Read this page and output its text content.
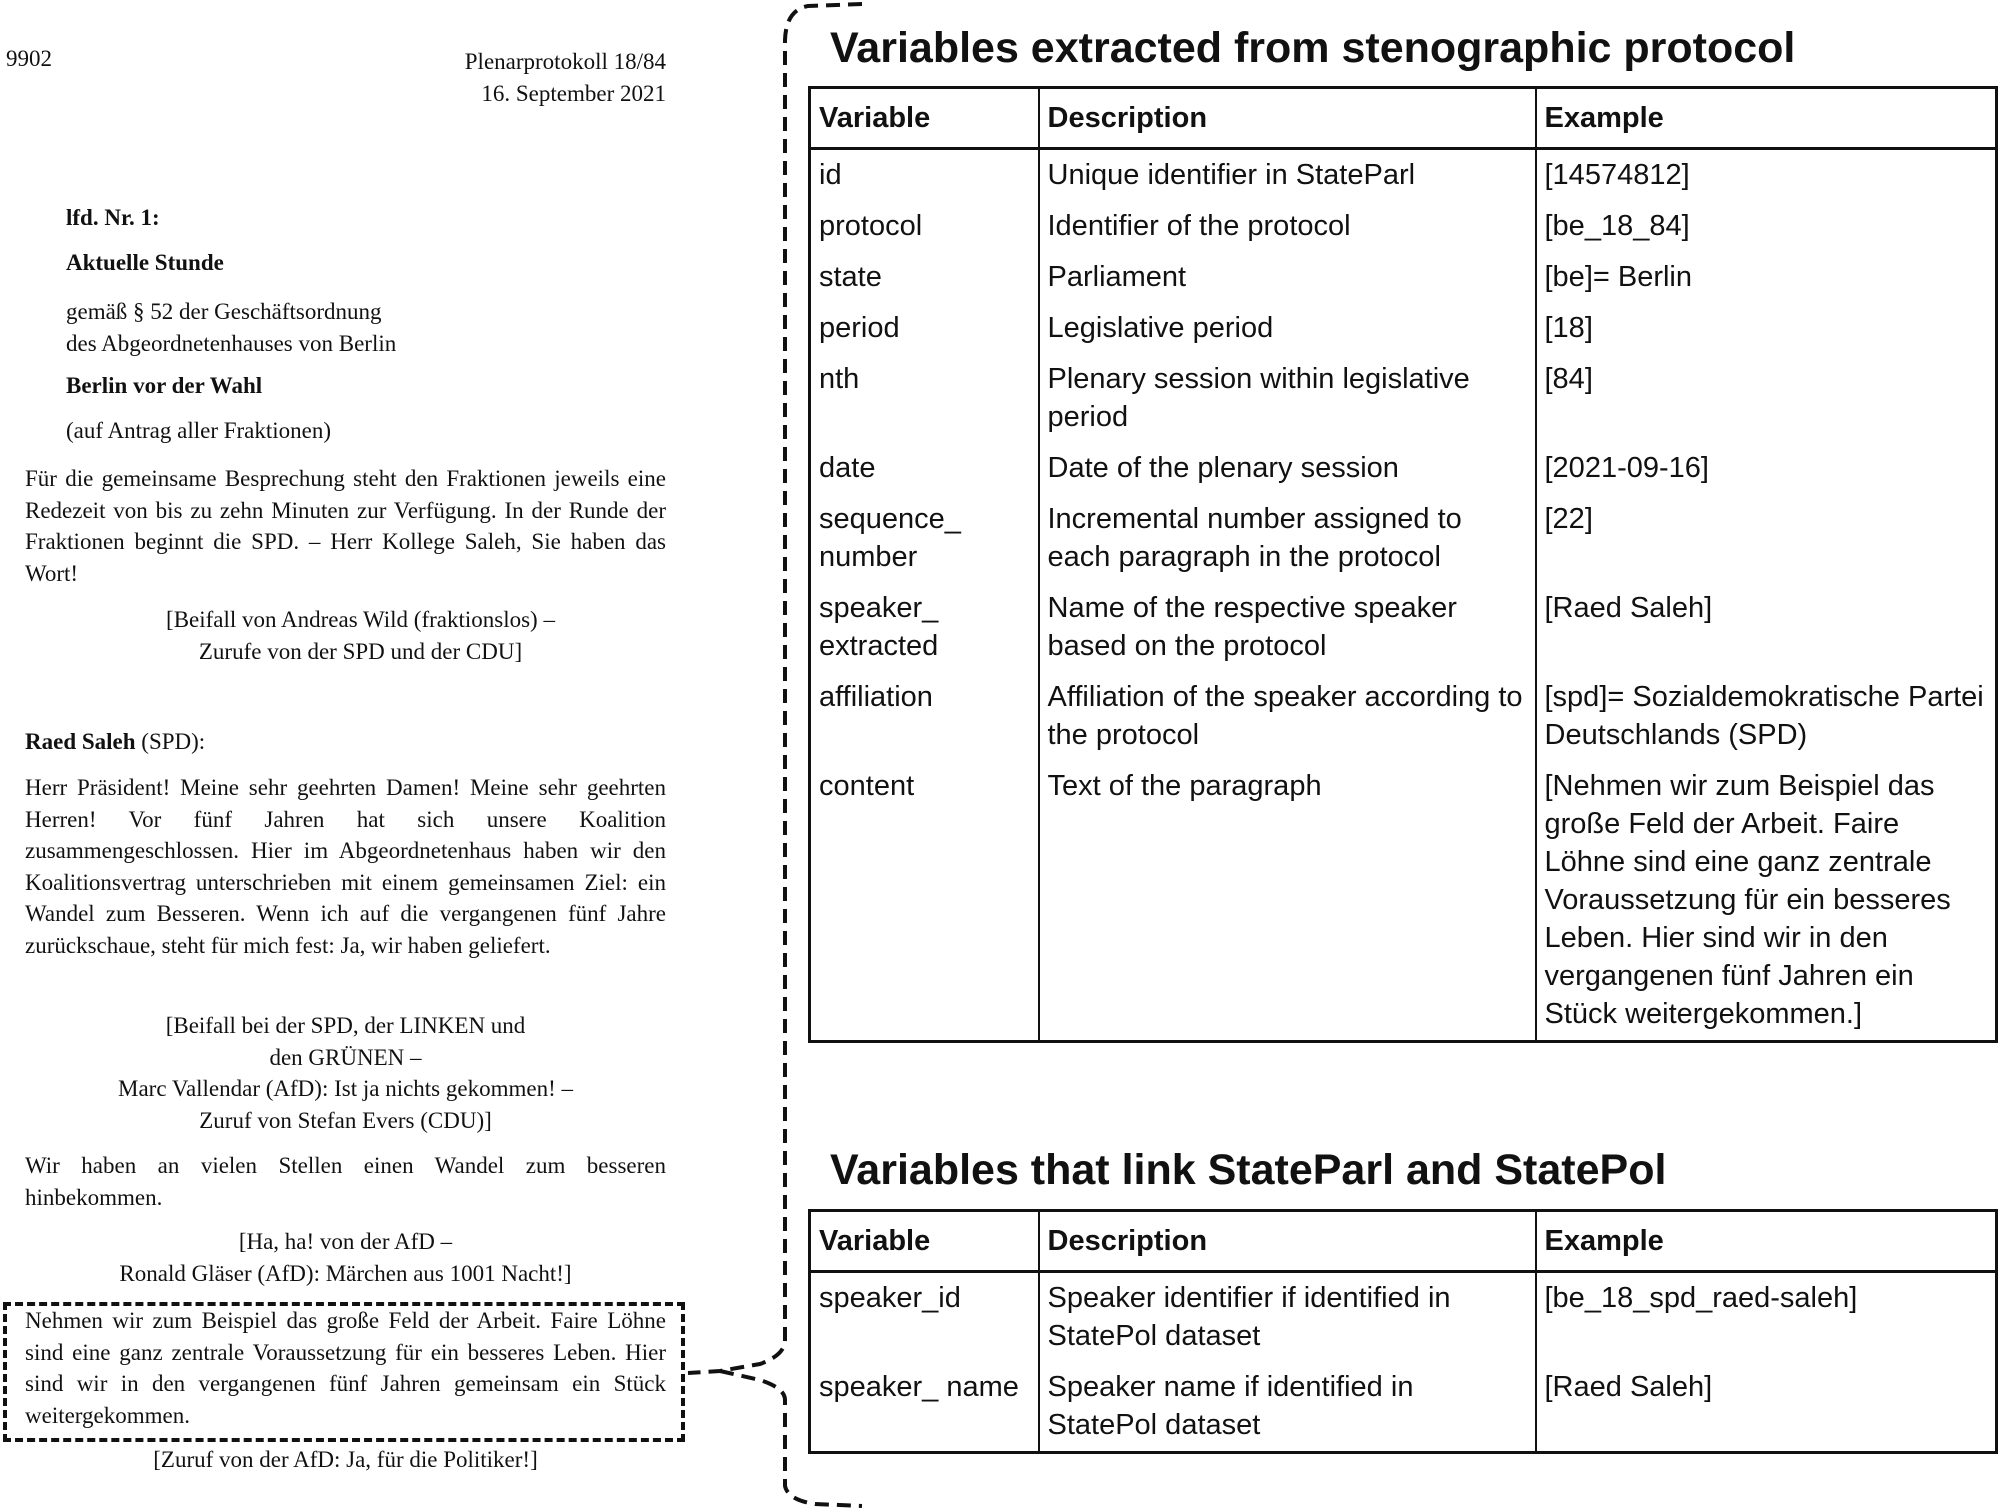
9902	Plenarprotokoll 18/84
16. September 2021
lfd. Nr. 1:
Aktuelle Stunde
gemäß § 52 der Geschäftsordnung
des Abgeordnetenhauses von Berlin
Berlin vor der Wahl
(auf Antrag aller Fraktionen)
Für die gemeinsame Besprechung steht den Fraktionen jeweils eine Redezeit von bis zu zehn Minuten zur Verfügung. In der Runde der Fraktionen beginnt die SPD. – Herr Kollege Saleh, Sie haben das Wort!
[Beifall von Andreas Wild (fraktionslos) –
Zurufe von der SPD und der CDU]
Raed Saleh (SPD):
Herr Präsident! Meine sehr geehrten Damen! Meine sehr geehrten Herren! Vor fünf Jahren hat sich unsere Koalition zusammengeschlossen. Hier im Abgeordnetenhaus haben wir den Koalitionsvertrag unterschrieben mit einem gemeinsamen Ziel: ein Wandel zum Besseren. Wenn ich auf die vergangenen fünf Jahre zurückschaue, steht für mich fest: Ja, wir haben geliefert.
[Beifall bei der SPD, der LINKEN und
den GRÜNEN –
Marc Vallendar (AfD): Ist ja nichts gekommen! –
Zuruf von Stefan Evers (CDU)]
Wir haben an vielen Stellen einen Wandel zum besseren hinbekommen.
[Ha, ha! von der AfD –
Ronald Gläser (AfD): Märchen aus 1001 Nacht!]
Nehmen wir zum Beispiel das große Feld der Arbeit. Faire Löhne sind eine ganz zentrale Voraussetzung für ein besseres Leben. Hier sind wir in den vergangenen fünf Jahren gemeinsam ein Stück weitergekommen.
[Zuruf von der AfD: Ja, für die Politiker!]
Variables extracted from stenographic protocol
Variable	Description	Example
id	Unique identifier in StateParl	[14574812]
protocol	Identifier of the protocol	[be_18_84]
state	Parliament	[be]= Berlin
period	Legislative period	[18]
nth	Plenary session within legislative period	[84]
date	Date of the plenary session	[2021-09-16]
sequence_ number	Incremental number assigned to each paragraph in the protocol	[22]
speaker_ extracted	Name of the respective speaker based on the protocol	[Raed Saleh]
affiliation	Affiliation of the speaker according to the protocol	[spd]= Sozialdemokratische Partei Deutschlands (SPD)
content	Text of the paragraph	[Nehmen wir zum Beispiel das große Feld der Arbeit. Faire Löhne sind eine ganz zentrale Voraussetzung für ein besseres Leben. Hier sind wir in den vergangenen fünf Jahren ein Stück weitergekommen.]
Variables that link StateParl and StatePol
Variable	Description	Example
speaker_id	Speaker identifier if identified in StatePol dataset	[be_18_spd_raed-saleh]
speaker_ name	Speaker name if identified in StatePol dataset	[Raed Saleh]
